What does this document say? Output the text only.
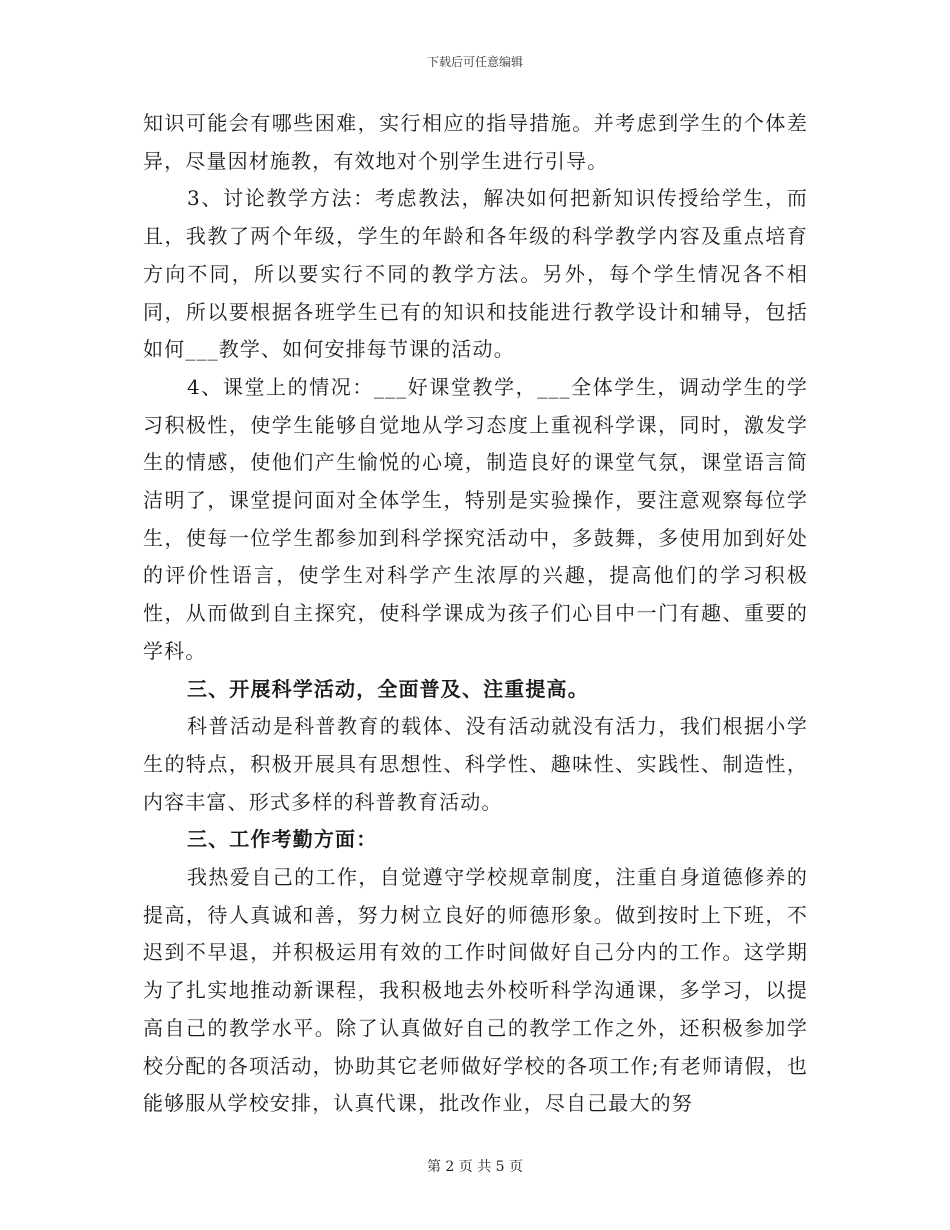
下载后可任意编辑

知识可能会有哪些困难，实行相应的指导措施。并考虑到学生的个体差异，尽量因材施教，有效地对个别学生进行引导。

3、讨论教学方法：考虑教法，解决如何把新知识传授给学生，而且，我教了两个年级，学生的年龄和各年级的科学教学内容及重点培育方向不同，所以要实行不同的教学方法。另外，每个学生情况各不相同，所以要根据各班学生已有的知识和技能进行教学设计和辅导，包括如何___教学、如何安排每节课的活动。

4、课堂上的情况：___好课堂教学，___全体学生，调动学生的学习积极性，使学生能够自觉地从学习态度上重视科学课，同时，激发学生的情感，使他们产生愉悦的心境，制造良好的课堂气氛，课堂语言简洁明了，课堂提问面对全体学生，特别是实验操作，要注意观察每位学生，使每一位学生都参加到科学探究活动中，多鼓舞，多使用加到好处的评价性语言，使学生对科学产生浓厚的兴趣，提高他们的学习积极性，从而做到自主探究，使科学课成为孩子们心目中一门有趣、重要的学科。

三、开展科学活动，全面普及、注重提高。

科普活动是科普教育的载体、没有活动就没有活力，我们根据小学生的特点，积极开展具有思想性、科学性、趣味性、实践性、制造性，内容丰富、形式多样的科普教育活动。

三、工作考勤方面：

我热爱自己的工作，自觉遵守学校规章制度，注重自身道德修养的提高，待人真诚和善，努力树立良好的师德形象。做到按时上下班，不迟到不早退，并积极运用有效的工作时间做好自己分内的工作。这学期为了扎实地推动新课程，我积极地去外校听科学沟通课，多学习，以提高自己的教学水平。除了认真做好自己的教学工作之外，还积极参加学校分配的各项活动，协助其它老师做好学校的各项工作;有老师请假，也能够服从学校安排，认真代课，批改作业，尽自己最大的努

第 2 页 共 5 页
